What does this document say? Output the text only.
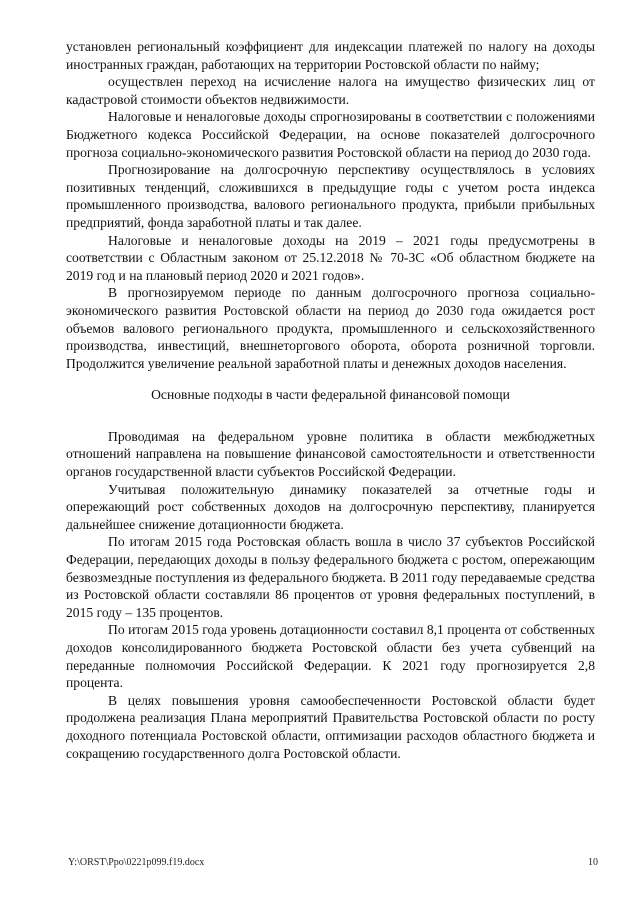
установлен региональный коэффициент для индексации платежей по налогу на доходы иностранных граждан, работающих на территории Ростовской области по найму;

осуществлен переход на исчисление налога на имущество физических лиц от кадастровой стоимости объектов недвижимости.

Налоговые и неналоговые доходы спрогнозированы в соответствии с положениями Бюджетного кодекса Российской Федерации, на основе показателей долгосрочного прогноза социально-экономического развития Ростовской области на период до 2030 года.

Прогнозирование на долгосрочную перспективу осуществлялось в условиях позитивных тенденций, сложившихся в предыдущие годы с учетом роста индекса промышленного производства, валового регионального продукта, прибыли прибыльных предприятий, фонда заработной платы и так далее.

Налоговые и неналоговые доходы на 2019 – 2021 годы предусмотрены в соответствии с Областным законом от 25.12.2018 № 70-ЗС «Об областном бюджете на 2019 год и на плановый период 2020 и 2021 годов».

В прогнозируемом периоде по данным долгосрочного прогноза социально-экономического развития Ростовской области на период до 2030 года ожидается рост объемов валового регионального продукта, промышленного и сельскохозяйственного производства, инвестиций, внешнеторгового оборота, оборота розничной торговли. Продолжится увеличение реальной заработной платы и денежных доходов населения.

Основные подходы в части федеральной финансовой помощи

Проводимая на федеральном уровне политика в области межбюджетных отношений направлена на повышение финансовой самостоятельности и ответственности органов государственной власти субъектов Российской Федерации.

Учитывая положительную динамику показателей за отчетные годы и опережающий рост собственных доходов на долгосрочную перспективу, планируется дальнейшее снижение дотационности бюджета.

По итогам 2015 года Ростовская область вошла в число 37 субъектов Российской Федерации, передающих доходы в пользу федерального бюджета с ростом, опережающим безвозмездные поступления из федерального бюджета. В 2011 году передаваемые средства из Ростовской области составляли 86 процентов от уровня федеральных поступлений, в 2015 году – 135 процентов.

По итогам 2015 года уровень дотационности составил 8,1 процента от собственных доходов консолидированного бюджета Ростовской области без учета субвенций на переданные полномочия Российской Федерации. К 2021 году прогнозируется 2,8 процента.

В целях повышения уровня самообеспеченности Ростовской области будет продолжена реализация Плана мероприятий Правительства Ростовской области по росту доходного потенциала Ростовской области, оптимизации расходов областного бюджета и сокращению государственного долга Ростовской области.

Y:\ORST\Ppo\0221p099.f19.docx	10
